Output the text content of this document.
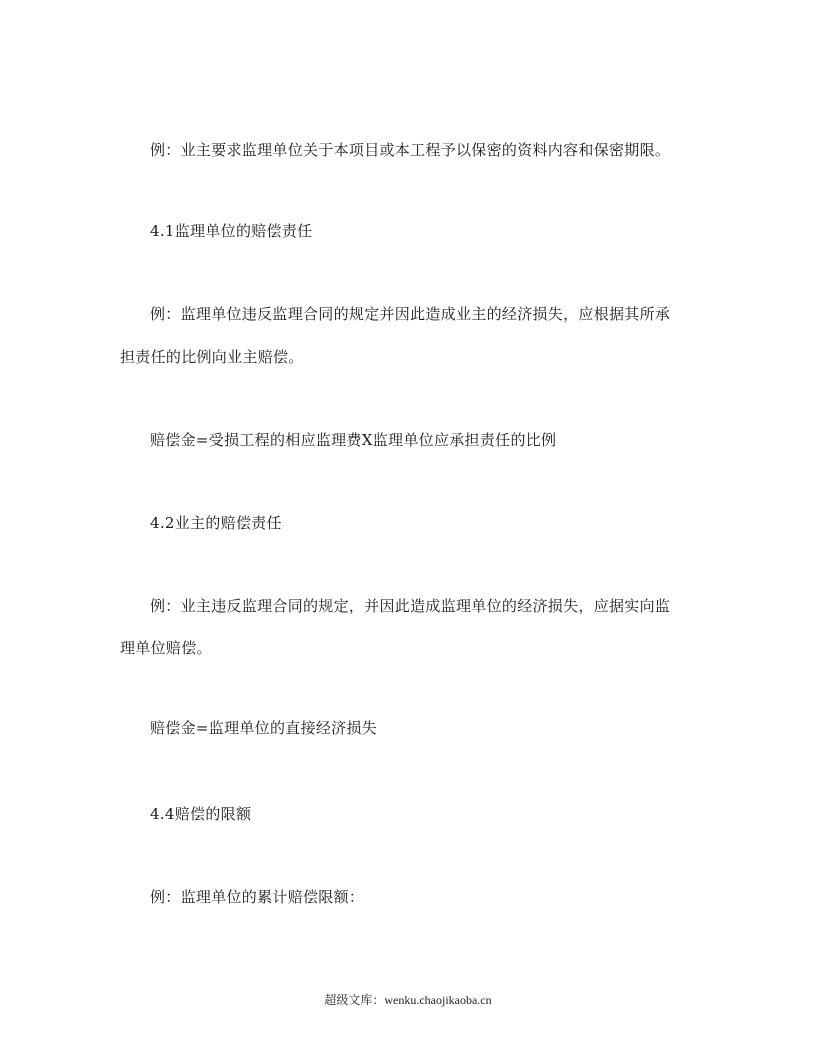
例：业主要求监理单位关于本项目或本工程予以保密的资料内容和保密期限。
4.1监理单位的赔偿责任
例：监理单位违反监理合同的规定并因此造成业主的经济损失，应根据其所承
担责任的比例向业主赔偿。
赔偿金=受损工程的相应监理费X监理单位应承担责任的比例
4.2业主的赔偿责任
例：业主违反监理合同的规定，并因此造成监理单位的经济损失，应据实向监
理单位赔偿。
赔偿金=监理单位的直接经济损失
4.4赔偿的限额
例：监理单位的累计赔偿限额：
超级文库：wenku.chaojikaoba.cn
